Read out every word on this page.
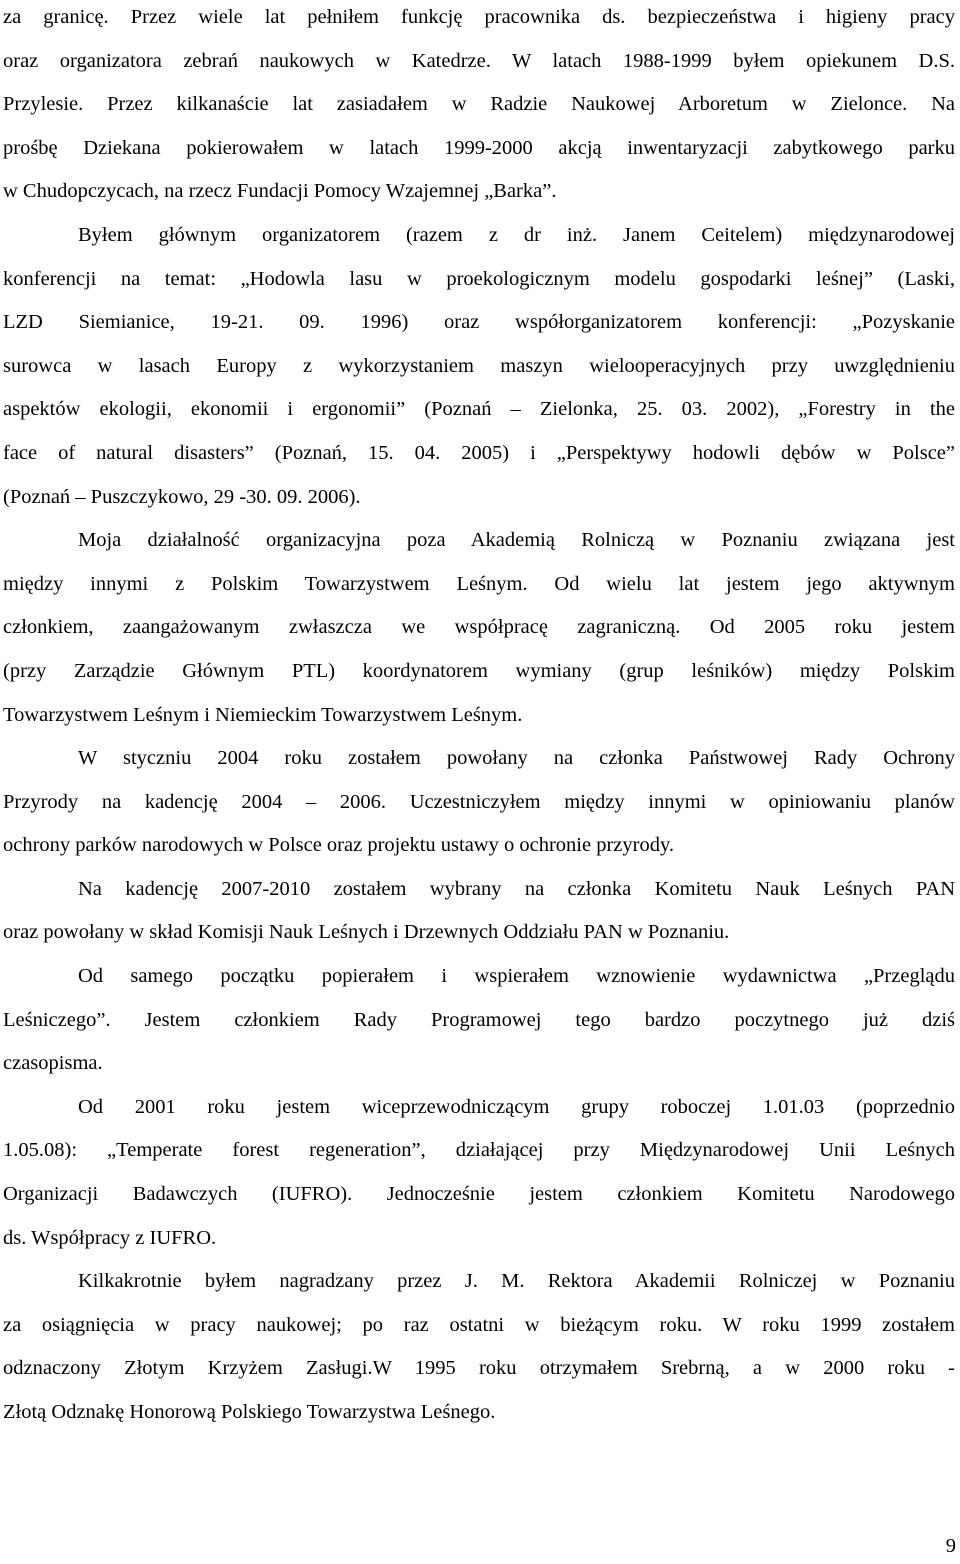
za granicę. Przez wiele lat pełniłem funkcję pracownika ds. bezpieczeństwa i higieny pracy
oraz organizatora zebrań naukowych w Katedrze. W latach 1988-1999 byłem opiekunem D.S.
Przylesie. Przez kilkanaście lat zasiadałem w Radzie Naukowej Arboretum w Zielonce. Na
prośbę Dziekana pokierowałem w latach 1999-2000 akcją inwentaryzacji zabytkowego parku
w Chudopczycach, na rzecz Fundacji Pomocy Wzajemnej „Barka”.
Byłem głównym organizatorem (razem z dr inż. Janem Ceitelem) międzynarodowej
konferencji na temat: „Hodowla lasu w proekologicznym modelu gospodarki leśnej” (Laski,
LZD Siemianice, 19-21. 09. 1996) oraz współorganizatorem konferencji: „Pozyskanie
surowca w lasach Europy z wykorzystaniem maszyn wielooperacyjnych przy uwzględnieniu
aspektów ekologii, ekonomii i ergonomii” (Poznań – Zielonka, 25. 03. 2002), „Forestry in the
face of natural disasters” (Poznań, 15. 04. 2005) i „Perspektywy hodowli dębów w Polsce”
(Poznań – Puszczykowo, 29 -30. 09. 2006).
Moja działalność organizacyjna poza Akademią Rolniczą w Poznaniu związana jest
między innymi z Polskim Towarzystwem Leśnym. Od wielu lat jestem jego aktywnym
członkiem, zaangażowanym zwłaszcza we współpracę zagraniczną. Od 2005 roku jestem
(przy Zarządzie Głównym PTL) koordynatorem wymiany (grup leśników) między Polskim
Towarzystwem Leśnym i Niemieckim Towarzystwem Leśnym.
W styczniu 2004 roku zostałem powołany na członka Państwowej Rady Ochrony
Przyrody na kadencję 2004 – 2006. Uczestniczyłem między innymi w opiniowaniu planów
ochrony parków narodowych w Polsce oraz projektu ustawy o ochronie przyrody.
Na kadencję 2007-2010 zostałem wybrany na członka Komitetu Nauk Leśnych PAN
oraz powołany w skład Komisji Nauk Leśnych i Drzewnych Oddziału PAN w Poznaniu.
Od samego początku popierałem i wspierałem wznowienie wydawnictwa „Przeglądu
Leśniczego”. Jestem członkiem Rady Programowej tego bardzo poczytnego już dziś
czasopisma.
Od 2001 roku jestem wiceprzewodniczącym grupy roboczej 1.01.03 (poprzednio
1.05.08): „Temperate forest regeneration”, działającej przy Międzynarodowej Unii Leśnych
Organizacji Badawczych (IUFRO). Jednocześnie jestem członkiem Komitetu Narodowego
ds. Współpracy z IUFRO.
Kilkakrotnie byłem nagradzany przez J. M. Rektora Akademii Rolniczej w Poznaniu
za osiągnięcia w pracy naukowej; po raz ostatni w bieżącym roku. W roku 1999 zostałem
odznaczony Złotym Krzyżem Zasługi.W 1995 roku otrzymałem Srebrną, a w 2000 roku -
Złotą Odznakę Honorową Polskiego Towarzystwa Leśnego.
9
